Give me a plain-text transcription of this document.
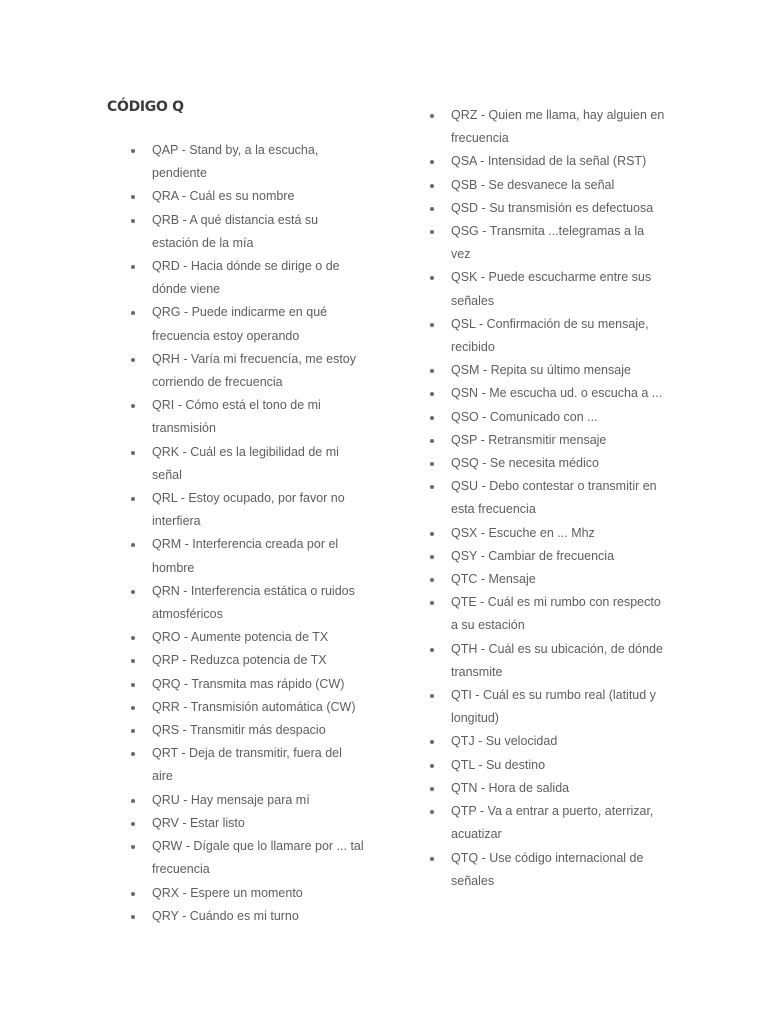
CÓDIGO Q
QAP - Stand by, a la escucha, pendiente
QRA - Cuál es su nombre
QRB - A qué distancia está su estación de la mía
QRD - Hacia dónde se dirige o de dónde viene
QRG - Puede indicarme en qué frecuencia estoy operando
QRH - Varía mi frecuencía, me estoy corriendo de frecuencia
QRI - Cómo está el tono de mi transmisión
QRK - Cuál es la legibilidad de mi señal
QRL - Estoy ocupado, por favor no interfiera
QRM - Interferencia creada por el hombre
QRN - Interferencia estática o ruidos atmosféricos
QRO - Aumente potencia de TX
QRP - Reduzca potencia de TX
QRQ - Transmita mas rápido (CW)
QRR - Transmisión automática (CW)
QRS - Transmitir más despacio
QRT - Deja de transmitir, fuera del aire
QRU - Hay mensaje para mí
QRV - Estar listo
QRW - Dígale que lo llamare por ... tal frecuencia
QRX - Espere un momento
QRY - Cuándo es mi turno
QRZ - Quien me llama, hay alguien en frecuencia
QSA - Intensidad de la señal (RST)
QSB - Se desvanece la señal
QSD - Su transmisión es defectuosa
QSG - Transmita ...telegramas a la vez
QSK - Puede escucharme entre sus señales
QSL - Confirmación de su mensaje, recibido
QSM - Repita su último mensaje
QSN - Me escucha ud. o escucha a ...
QSO - Comunicado con ...
QSP - Retransmitir mensaje
QSQ - Se necesita médico
QSU - Debo contestar o transmitir en esta frecuencia
QSX - Escuche en ... Mhz
QSY - Cambiar de frecuencia
QTC - Mensaje
QTE - Cuál es mi rumbo con respecto a su estación
QTH - Cuál es su ubicación, de dónde transmite
QTI - Cuál es su rumbo real (latitud y longitud)
QTJ - Su velocidad
QTL - Su destino
QTN - Hora de salida
QTP - Va a entrar a puerto, aterrizar, acuatizar
QTQ - Use código internacional de señales
